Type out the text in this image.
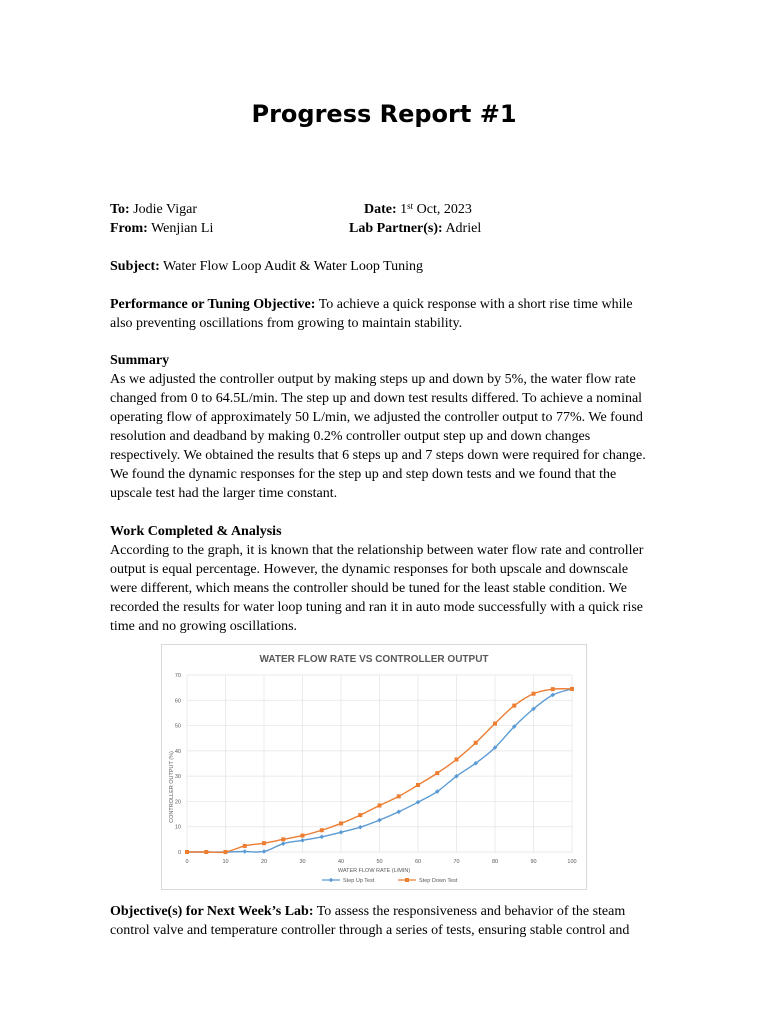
Progress Report #1
To: Jodie Vigar	Date: 1st Oct, 2023
From: Wenjian Li	Lab Partner(s): Adriel
Subject: Water Flow Loop Audit & Water Loop Tuning
Performance or Tuning Objective: To achieve a quick response with a short rise time while also preventing oscillations from growing to maintain stability.
Summary
As we adjusted the controller output by making steps up and down by 5%, the water flow rate changed from 0 to 64.5L/min. The step up and down test results differed. To achieve a nominal operating flow of approximately 50 L/min, we adjusted the controller output to 77%. We found resolution and deadband by making 0.2% controller output step up and down changes respectively. We obtained the results that 6 steps up and 7 steps down were required for change. We found the dynamic responses for the step up and step down tests and we found that the upscale test had the larger time constant.
Work Completed & Analysis
According to the graph, it is known that the relationship between water flow rate and controller output is equal percentage. However, the dynamic responses for both upscale and downscale were different, which means the controller should be tuned for the least stable condition. We recorded the results for water loop tuning and ran it in auto mode successfully with a quick rise time and no growing oscillations.
WATER FLOW RATE VS CONTROLLER OUTPUT
0
10
20
30
40
50
60
70
0	10	20	30	40	50	60	70	80	90	100
WATER FLOW RATE (L/MIN)
CONTROLLER OUTPUT (%)
Step Up Test	Step Down Test
Objective(s) for Next Week’s Lab: To assess the responsiveness and behavior of the steam control valve and temperature controller through a series of tests, ensuring stable control and
